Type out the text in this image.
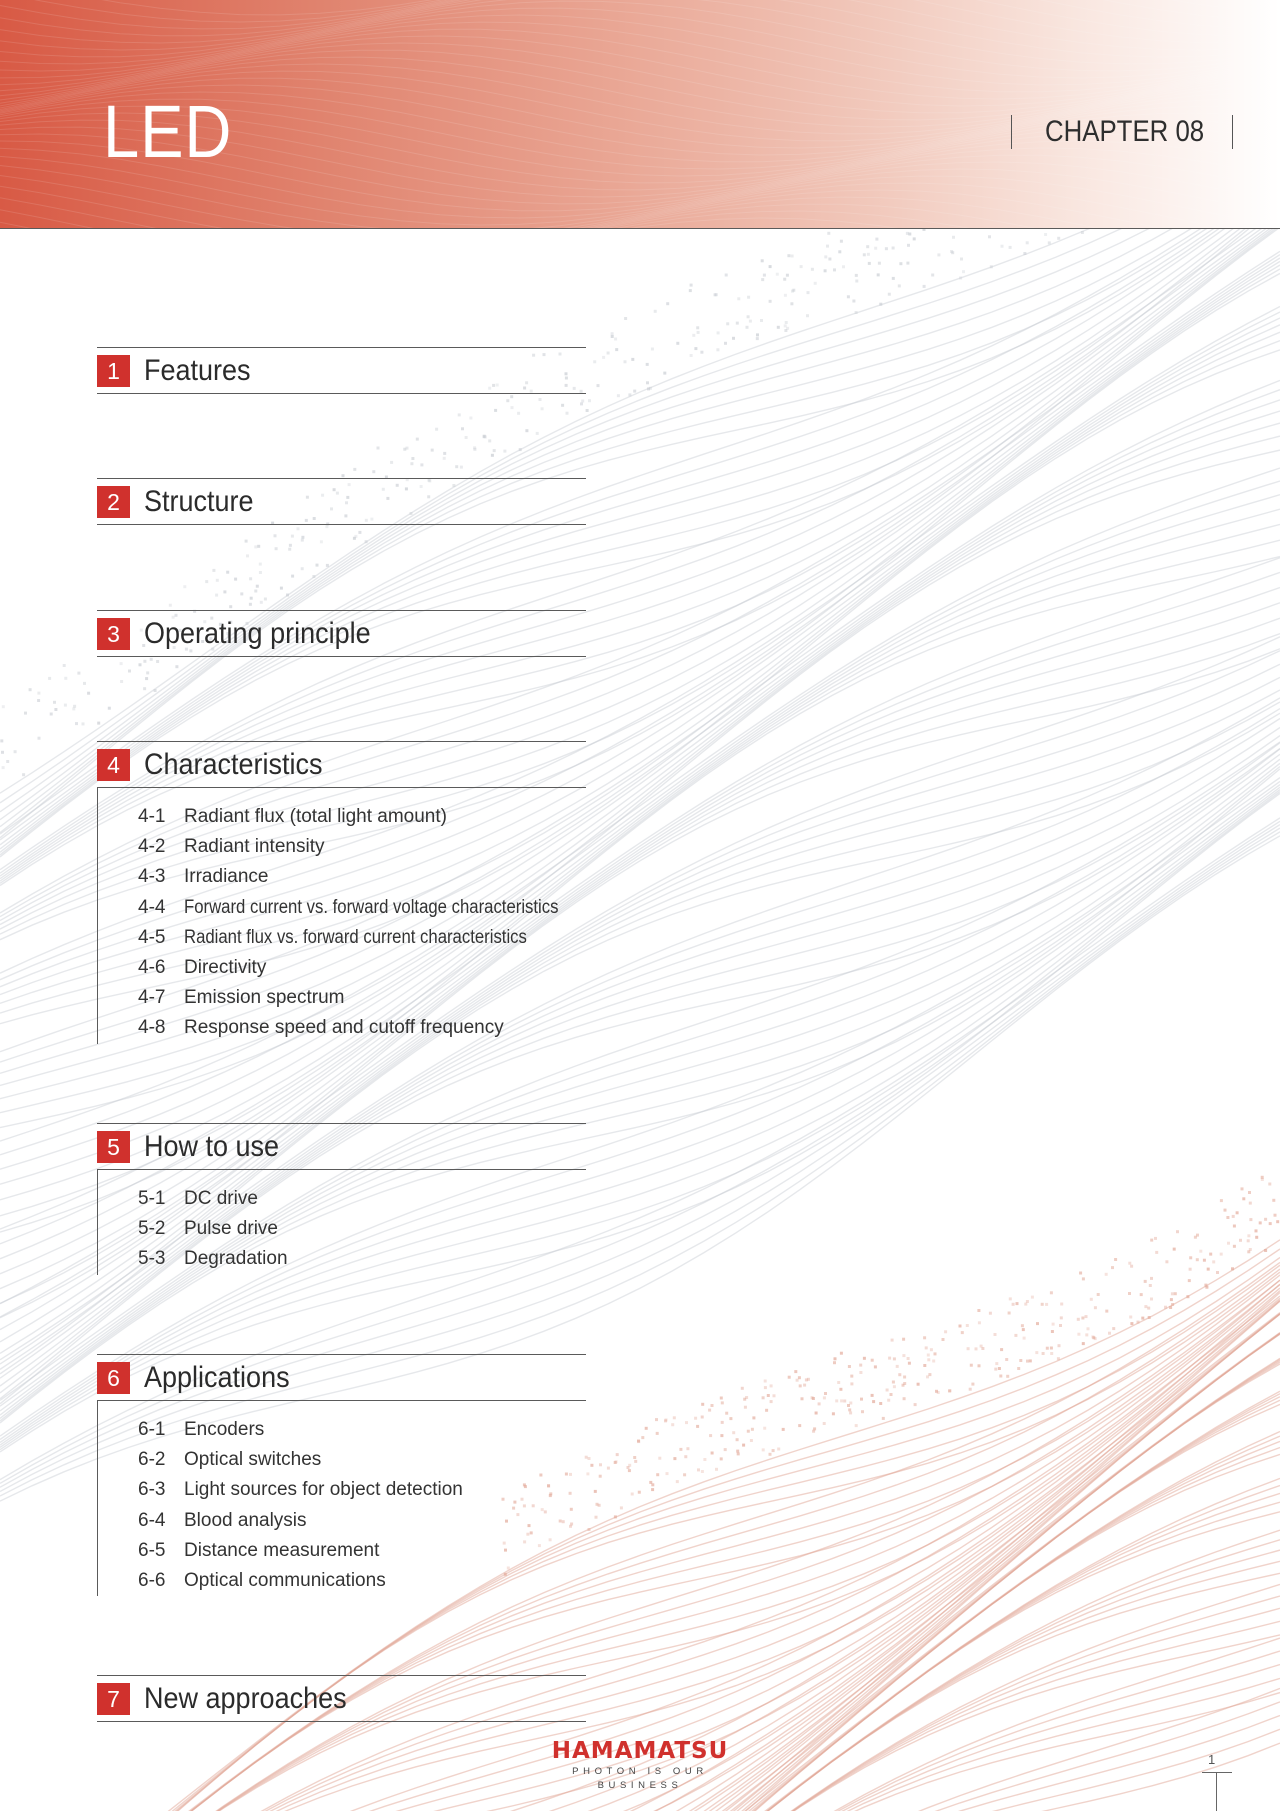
LED	CHAPTER 08
1 Features
2 Structure
3 Operating principle
4 Characteristics
4-1 Radiant flux (total light amount)
4-2 Radiant intensity
4-3 Irradiance
4-4 Forward current vs. forward voltage characteristics
4-5 Radiant flux vs. forward current characteristics
4-6 Directivity
4-7 Emission spectrum
4-8 Response speed and cutoff frequency
5 How to use
5-1 DC drive
5-2 Pulse drive
5-3 Degradation
6 Applications
6-1 Encoders
6-2 Optical switches
6-3 Light sources for object detection
6-4 Blood analysis
6-5 Distance measurement
6-6 Optical communications
7 New approaches
HAMAMATSU
PHOTON IS OUR BUSINESS
1
